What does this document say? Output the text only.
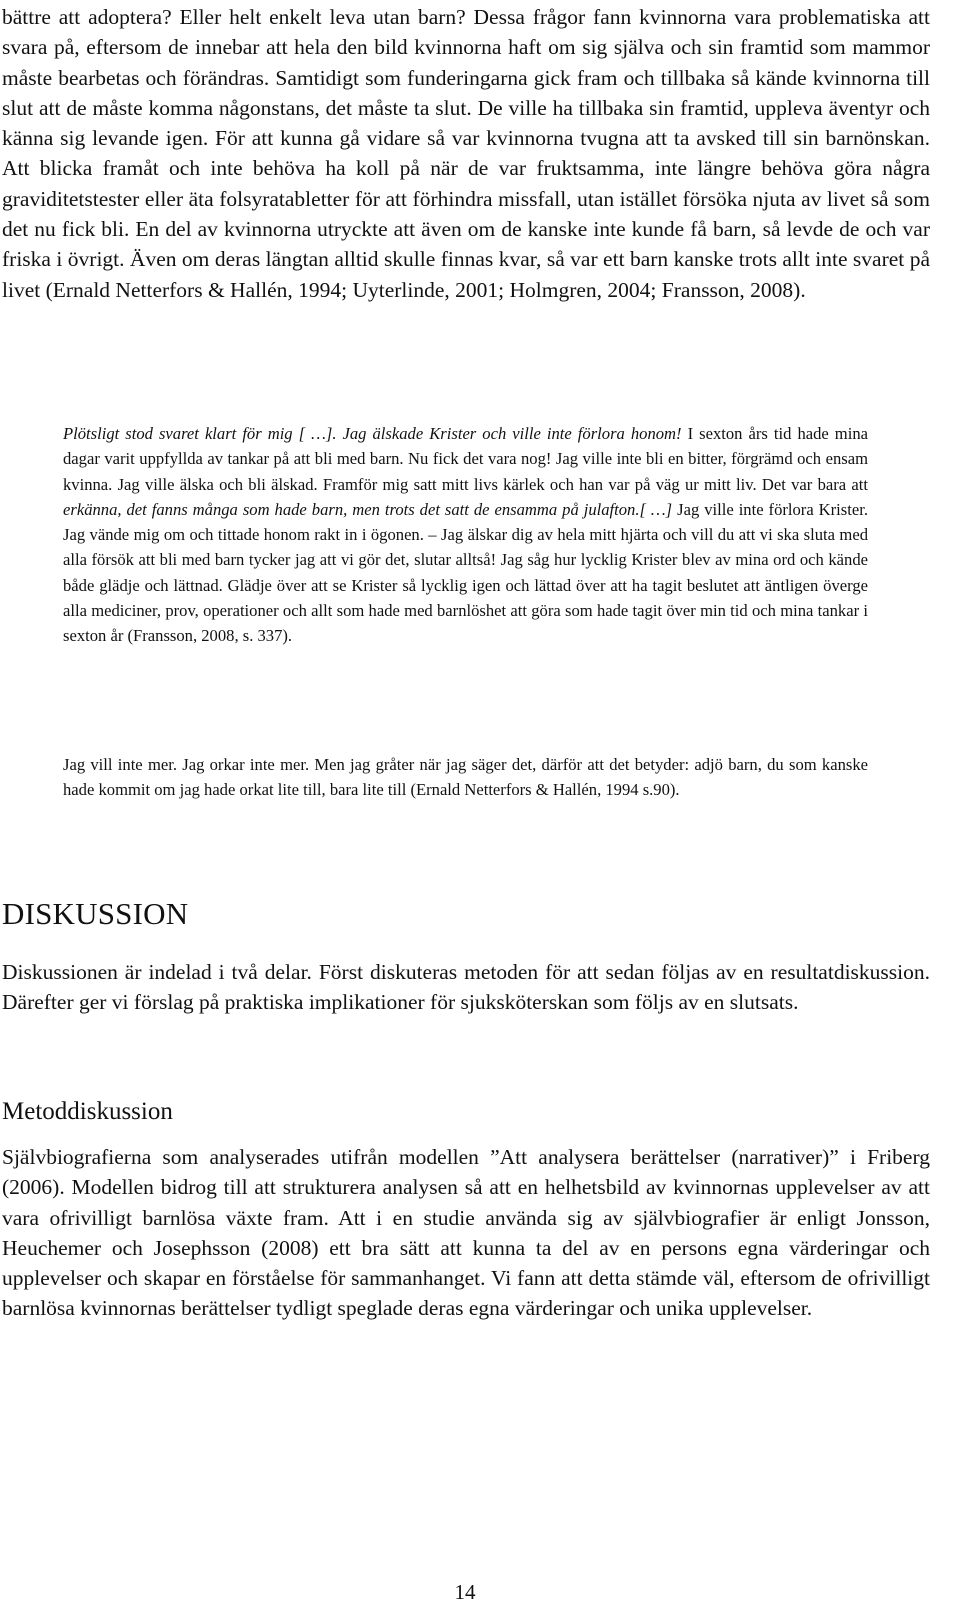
bättre att adoptera? Eller helt enkelt leva utan barn? Dessa frågor fann kvinnorna vara problematiska att svara på, eftersom de innebar att hela den bild kvinnorna haft om sig själva och sin framtid som mammor måste bearbetas och förändras. Samtidigt som funderingarna gick fram och tillbaka så kände kvinnorna till slut att de måste komma någonstans, det måste ta slut. De ville ha tillbaka sin framtid, uppleva äventyr och känna sig levande igen. För att kunna gå vidare så var kvinnorna tvugna att ta avsked till sin barnönskan. Att blicka framåt och inte behöva ha koll på när de var fruktsamma, inte längre behöva göra några graviditetstester eller äta folsyratabletter för att förhindra missfall, utan istället försöka njuta av livet så som det nu fick bli. En del av kvinnorna utryckte att även om de kanske inte kunde få barn, så levde de och var friska i övrigt. Även om deras längtan alltid skulle finnas kvar, så var ett barn kanske trots allt inte svaret på livet (Ernald Netterfors & Hallén, 1994; Uyterlinde, 2001; Holmgren, 2004; Fransson, 2008).

Plötsligt stod svaret klart för mig [ …]. Jag älskade Krister och ville inte förlora honom! I sexton års tid hade mina dagar varit uppfyllda av tankar på att bli med barn. Nu fick det vara nog! Jag ville inte bli en bitter, förgrämd och ensam kvinna. Jag ville älska och bli älskad. Framför mig satt mitt livs kärlek och han var på väg ur mitt liv. Det var bara att erkänna, det fanns många som hade barn, men trots det satt de ensamma på julafton.[ …] Jag ville inte förlora Krister. Jag vände mig om och tittade honom rakt in i ögonen. – Jag älskar dig av hela mitt hjärta och vill du att vi ska sluta med alla försök att bli med barn tycker jag att vi gör det, slutar alltså! Jag såg hur lycklig Krister blev av mina ord och kände både glädje och lättnad. Glädje över att se Krister så lycklig igen och lättad över att ha tagit beslutet att äntligen överge alla mediciner, prov, operationer och allt som hade med barnlöshet att göra som hade tagit över min tid och mina tankar i sexton år (Fransson, 2008, s. 337).

Jag vill inte mer. Jag orkar inte mer. Men jag gråter när jag säger det, därför att det betyder: adjö barn, du som kanske hade kommit om jag hade orkat lite till, bara lite till (Ernald Netterfors & Hallén, 1994 s.90).

DISKUSSION

Diskussionen är indelad i två delar. Först diskuteras metoden för att sedan följas av en resultatdiskussion. Därefter ger vi förslag på praktiska implikationer för sjuksköterskan som följs av en slutsats.

Metoddiskussion

Självbiografierna som analyserades utifrån modellen ”Att analysera berättelser (narrativer)” i Friberg (2006). Modellen bidrog till att strukturera analysen så att en helhetsbild av kvinnornas upplevelser av att vara ofrivilligt barnlösa växte fram. Att i en studie använda sig av självbiografier är enligt Jonsson, Heuchemer och Josephsson (2008) ett bra sätt att kunna ta del av en persons egna värderingar och upplevelser och skapar en förståelse för sammanhanget. Vi fann att detta stämde väl, eftersom de ofrivilligt barnlösa kvinnornas berättelser tydligt speglade deras egna värderingar och unika upplevelser.

14
